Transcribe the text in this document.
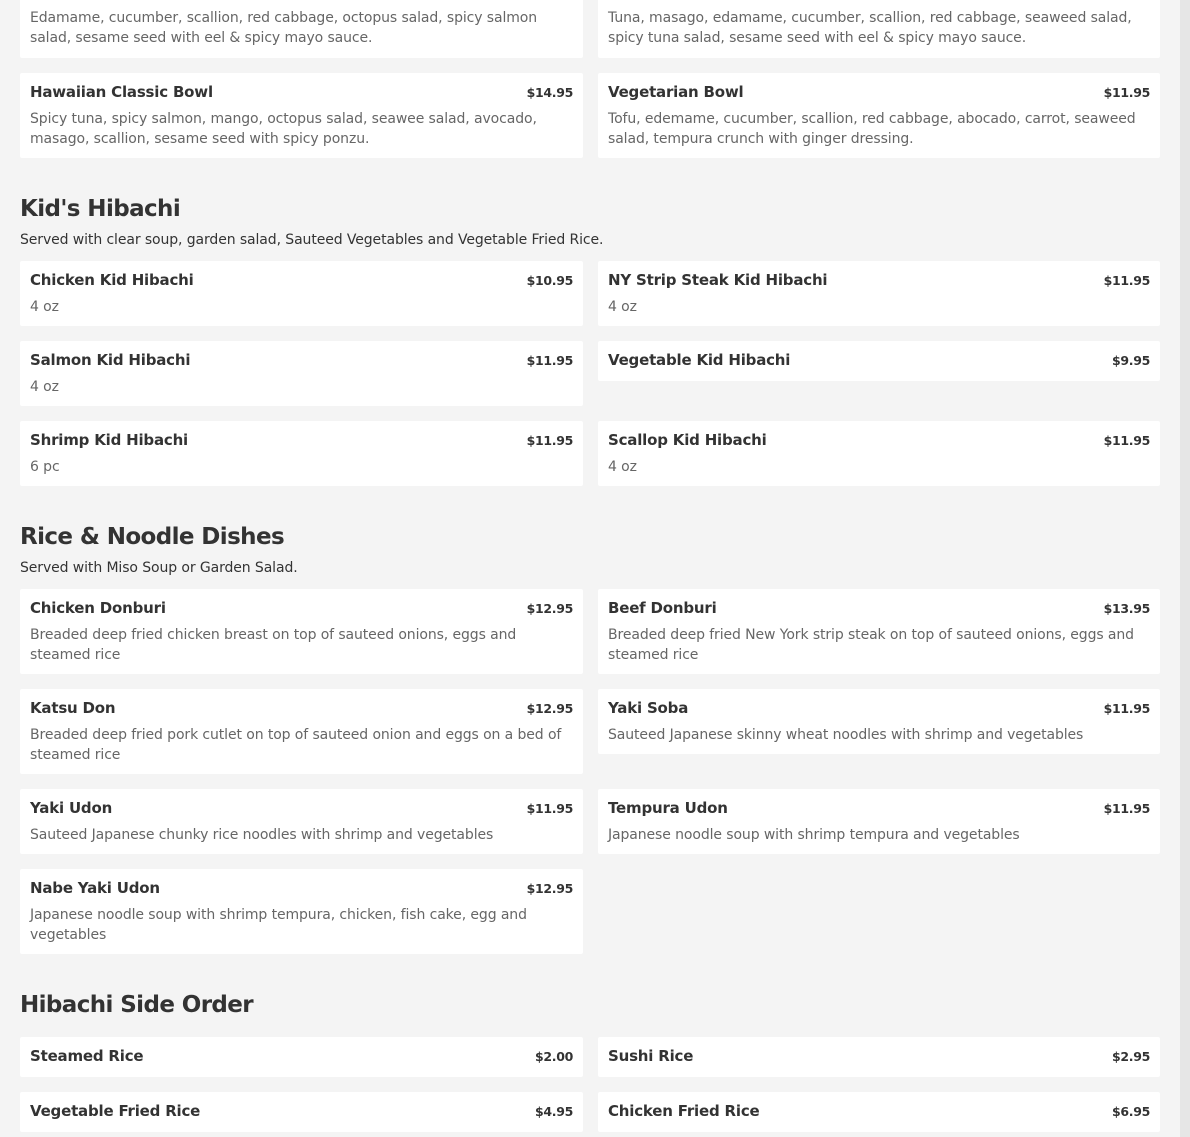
Edamame, cucumber, scallion, red cabbage, octopus salad, spicy salmon salad, sesame seed with eel & spicy mayo sauce.
Tuna, masago, edamame, cucumber, scallion, red cabbage, seaweed salad, spicy tuna salad, sesame seed with eel & spicy mayo sauce.
Hawaiian Classic Bowl	$14.95
Spicy tuna, spicy salmon, mango, octopus salad, seawee salad, avocado, masago, scallion, sesame seed with spicy ponzu.
Vegetarian Bowl	$11.95
Tofu, edemame, cucumber, scallion, red cabbage, abocado, carrot, seaweed salad, tempura crunch with ginger dressing.
Kid's Hibachi

Served with clear soup, garden salad, Sauteed Vegetables and Vegetable Fried Rice.

Chicken Kid Hibachi	$10.95
4 oz
NY Strip Steak Kid Hibachi	$11.95
4 oz
Salmon Kid Hibachi	$11.95
4 oz
Vegetable Kid Hibachi	$9.95
Shrimp Kid Hibachi	$11.95
6 pc
Scallop Kid Hibachi	$11.95
4 oz
Rice & Noodle Dishes

Served with Miso Soup or Garden Salad.

Chicken Donburi	$12.95
Breaded deep fried chicken breast on top of sauteed onions, eggs and steamed rice
Beef Donburi	$13.95
Breaded deep fried New York strip steak on top of sauteed onions, eggs and steamed rice
Katsu Don	$12.95
Breaded deep fried pork cutlet on top of sauteed onion and eggs on a bed of steamed rice
Yaki Soba	$11.95
Sauteed Japanese skinny wheat noodles with shrimp and vegetables
Yaki Udon	$11.95
Sauteed Japanese chunky rice noodles with shrimp and vegetables
Tempura Udon	$11.95
Japanese noodle soup with shrimp tempura and vegetables
Nabe Yaki Udon	$12.95
Japanese noodle soup with shrimp tempura, chicken, fish cake, egg and vegetables
Hibachi Side Order
Steamed Rice	$2.00 Sushi Rice	$2.95
Vegetable Fried Rice	$4.95 Chicken Fried Rice	$6.95
